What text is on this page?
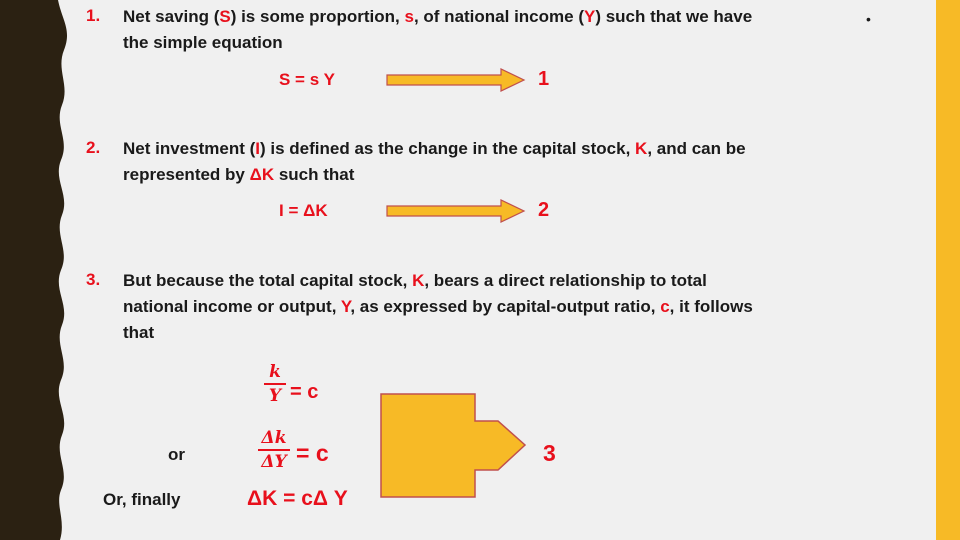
•
1. Net saving (S) is some proportion, s, of national income (Y) such that we have
the simple equation
S = s Y	1
2. Net investment (I) is defined as the change in the capital stock, K, and can be
represented by ΔK such that
I = ΔK	2
3. But because the total capital stock, K, bears a direct relationship to total
national income or output, Y, as expressed by capital-output ratio, c, it follows
that
k
Y = c
or
Δk
ΔY = c
Or, finally	ΔK = cΔ Y
3
